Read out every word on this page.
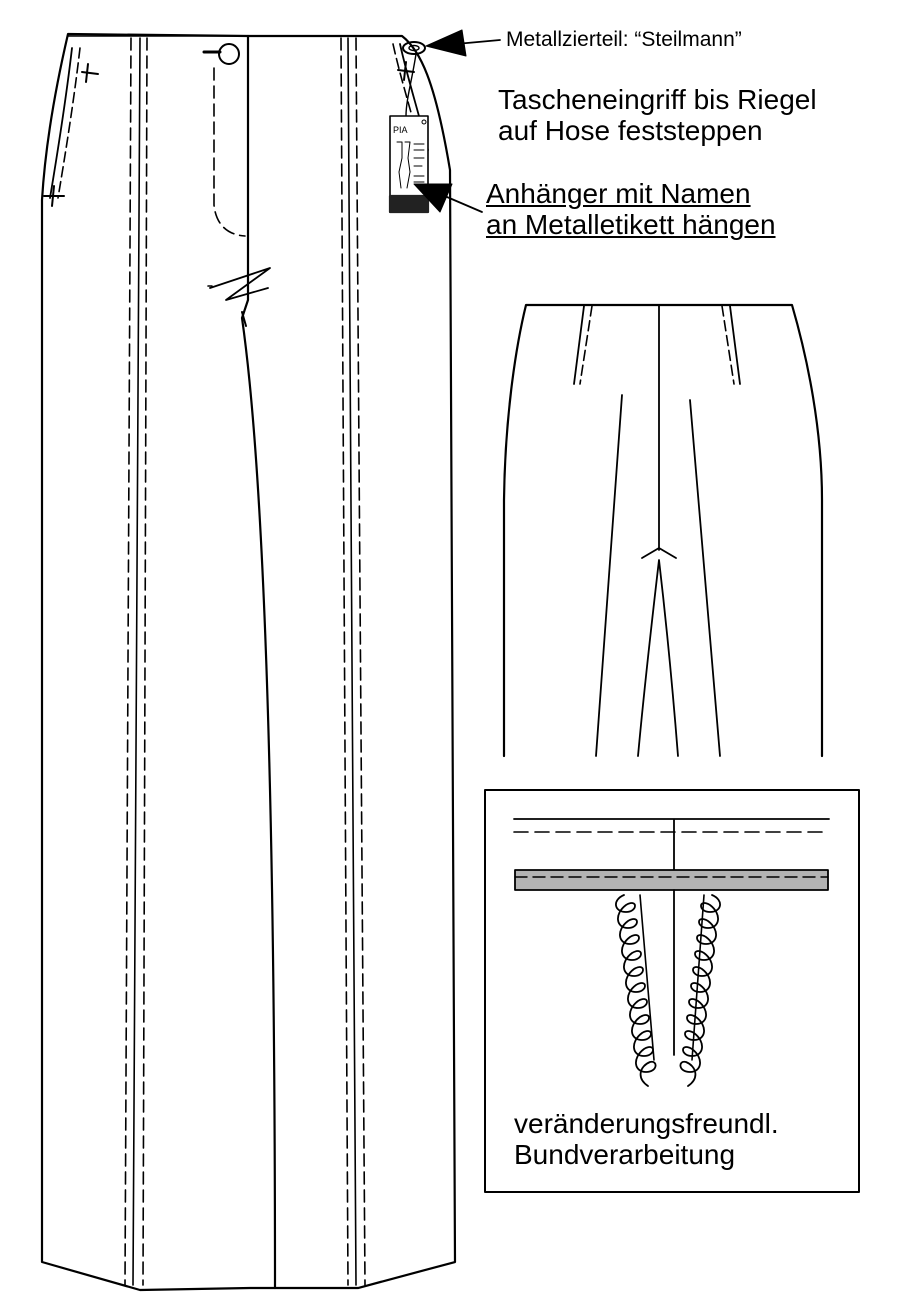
PIA
Metallzierteil: “Steilmann”
Tascheneingriff bis Riegel
auf Hose feststeppen
Anhänger mit Namen
an Metalletikett hängen
veränderungsfreundl.
Bundverarbeitung
